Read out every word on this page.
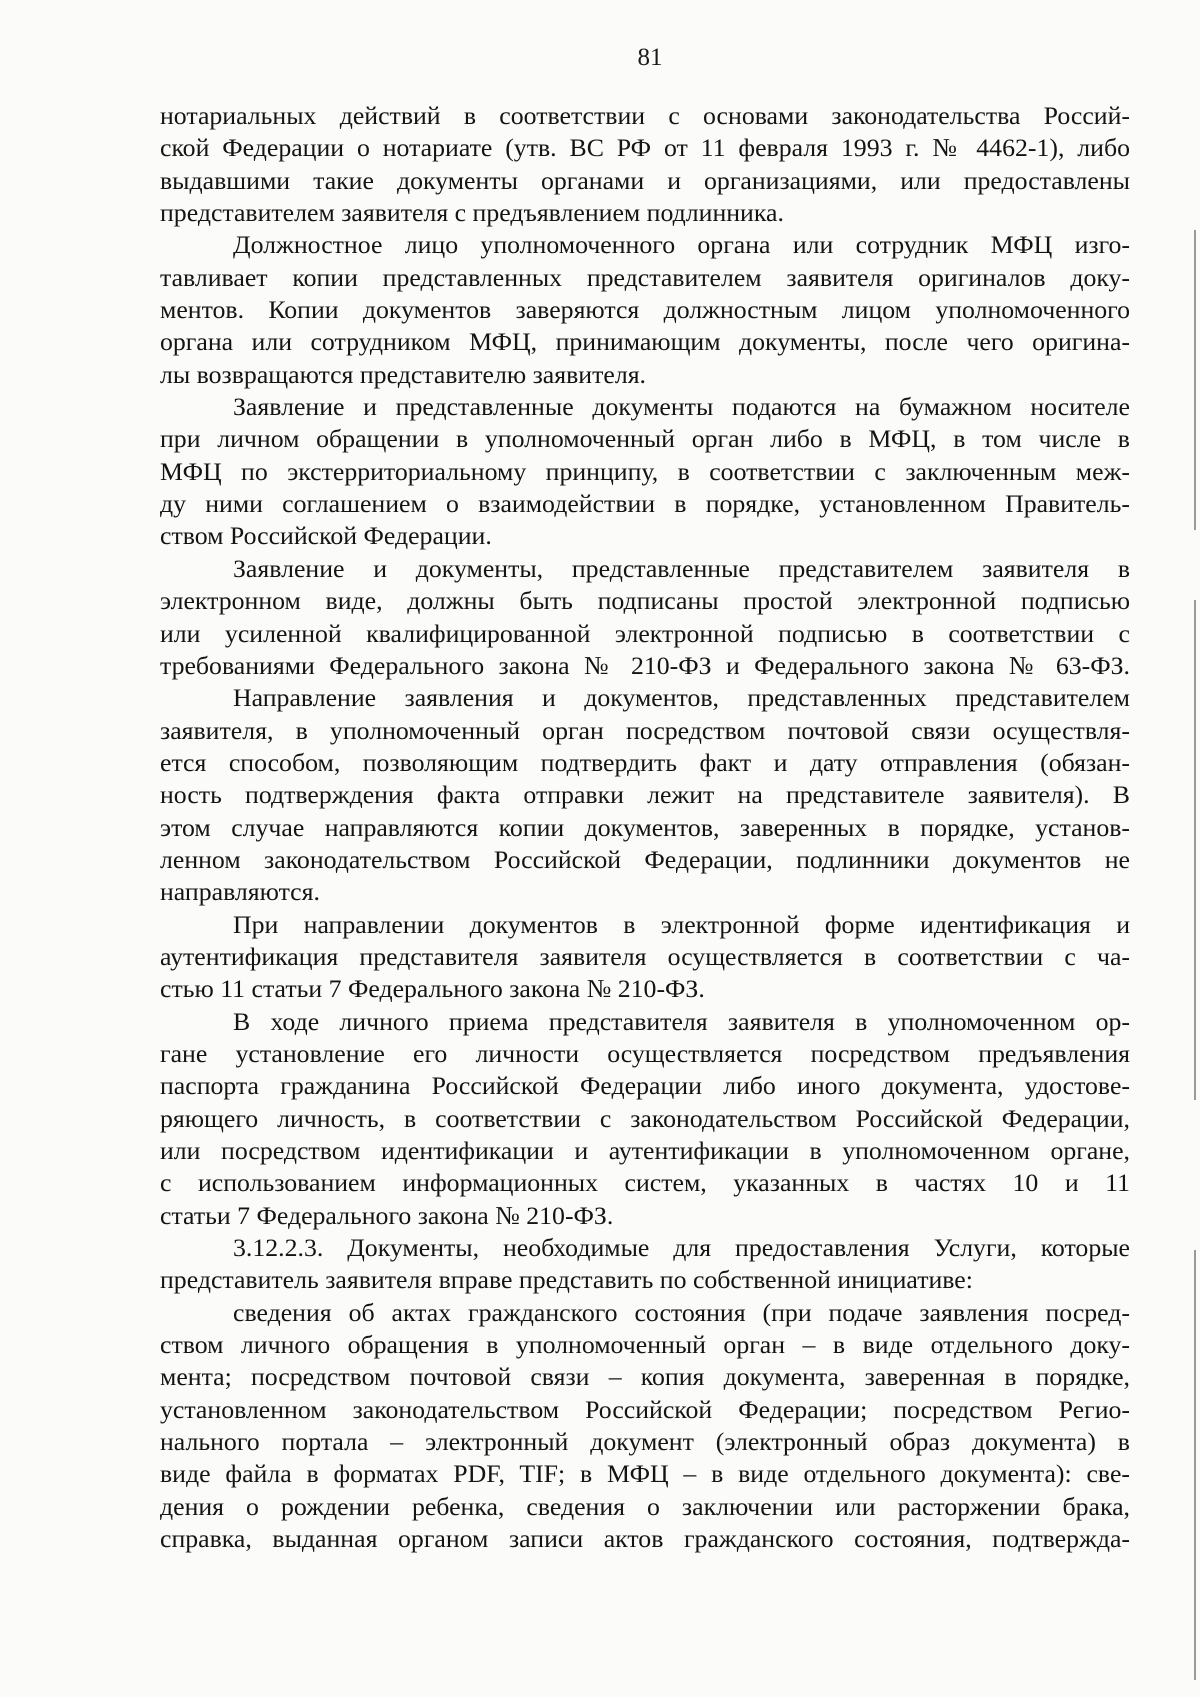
81
нотариальных действий в соответствии с основами законодательства Россий-
ской Федерации о нотариате (утв. ВС РФ от 11 февраля 1993 г. № 4462-1), либо
выдавшими такие документы органами и организациями, или предоставлены
представителем заявителя с предъявлением подлинника.
Должностное лицо уполномоченного органа или сотрудник МФЦ изго-
тавливает копии представленных представителем заявителя оригиналов доку-
ментов. Копии документов заверяются должностным лицом уполномоченного
органа или сотрудником МФЦ, принимающим документы, после чего оригина-
лы возвращаются представителю заявителя.
Заявление и представленные документы подаются на бумажном носителе
при личном обращении в уполномоченный орган либо в МФЦ, в том числе в
МФЦ по экстерриториальному принципу, в соответствии с заключенным меж-
ду ними соглашением о взаимодействии в порядке, установленном Правитель-
ством Российской Федерации.
Заявление и документы, представленные представителем заявителя в
электронном виде, должны быть подписаны простой электронной подписью
или усиленной квалифицированной электронной подписью в соответствии с
требованиями Федерального закона № 210-ФЗ и Федерального закона № 63-ФЗ.
Направление заявления и документов, представленных представителем
заявителя, в уполномоченный орган посредством почтовой связи осуществля-
ется способом, позволяющим подтвердить факт и дату отправления (обязан-
ность подтверждения факта отправки лежит на представителе заявителя). В
этом случае направляются копии документов, заверенных в порядке, установ-
ленном законодательством Российской Федерации, подлинники документов не
направляются.
При направлении документов в электронной форме идентификация и
аутентификация представителя заявителя осуществляется в соответствии с ча-
стью 11 статьи 7 Федерального закона № 210-ФЗ.
В ходе личного приема представителя заявителя в уполномоченном ор-
гане установление его личности осуществляется посредством предъявления
паспорта гражданина Российской Федерации либо иного документа, удостове-
ряющего личность, в соответствии с законодательством Российской Федерации,
или посредством идентификации и аутентификации в уполномоченном органе,
с использованием информационных систем, указанных в частях 10 и 11
статьи 7 Федерального закона № 210-ФЗ.
3.12.2.3. Документы, необходимые для предоставления Услуги, которые
представитель заявителя вправе представить по собственной инициативе:
сведения об актах гражданского состояния (при подаче заявления посред-
ством личного обращения в уполномоченный орган – в виде отдельного доку-
мента; посредством почтовой связи – копия документа, заверенная в порядке,
установленном законодательством Российской Федерации; посредством Регио-
нального портала – электронный документ (электронный образ документа) в
виде файла в форматах PDF, TIF; в МФЦ – в виде отдельного документа): све-
дения о рождении ребенка, сведения о заключении или расторжении брака,
справка, выданная органом записи актов гражданского состояния, подтвержда-
